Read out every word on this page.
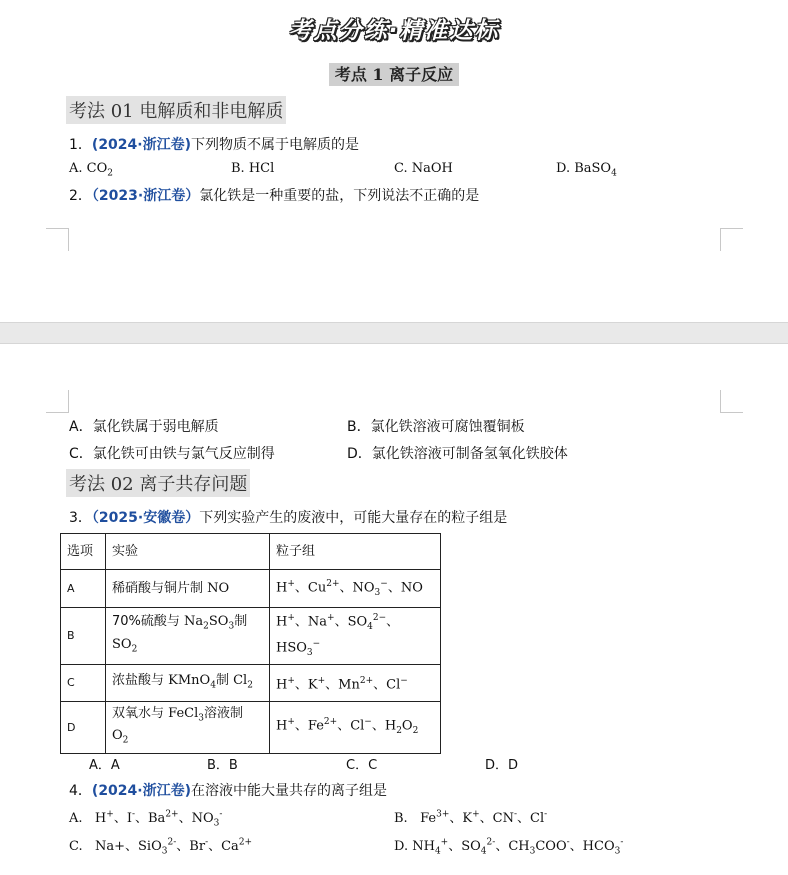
考点分练·精准达标
考点 1 离子反应
考法 01 电解质和非电解质
1．(2024·浙江卷)下列物质不属于电解质的是
A. $CO_2$	B. HCl	C. NaOH	D. BaSO$_4$
2．（2023·浙江卷）氯化铁是一种重要的盐，下列说法不正确的是
A．氯化铁属于弱电解质	B．氯化铁溶液可腐蚀覆铜板
C．氯化铁可由铁与氯气反应制得	D．氯化铁溶液可制备氢氧化铁胶体
考法 02 离子共存问题
3．（2025·安徽卷）下列实验产生的废液中，可能大量存在的粒子组是
选项	实验	粒子组
A	稀硝酸与铜片制 NO	H+、$Cu^{2+}$、$NO_3^-$、NO
B	70%硫酸与 $Na_2SO_3$制
$SO_2$	H+、Na+、$SO_4^{2-}$、$HSO_3^-$
C	浓盐酸与 KMnO$_4$制 $Cl_2$	H+、K+、$Mn^{2+}$、Cl−
D	双氧水与 FeCl$_3$溶液制
$O_2$	H+、$Fe^{2+}$、Cl−、$H_2O_2$
A．A	B．B	C．C	D．D
4．(2024·浙江卷)在溶液中能大量共存的离子组是
A.   H+、I-、$Ba^{2+}$、$NO_3^-$	B.   $Fe^{3+}$、K+、CN-、Cl-
C.   Na+、SiO$_3^{2-}$、Br-、$Ca^{2+}$	D. $NH_4^+$、$SO_4^{2-}$、$CH_3COO^-$、$HCO_3^-$
